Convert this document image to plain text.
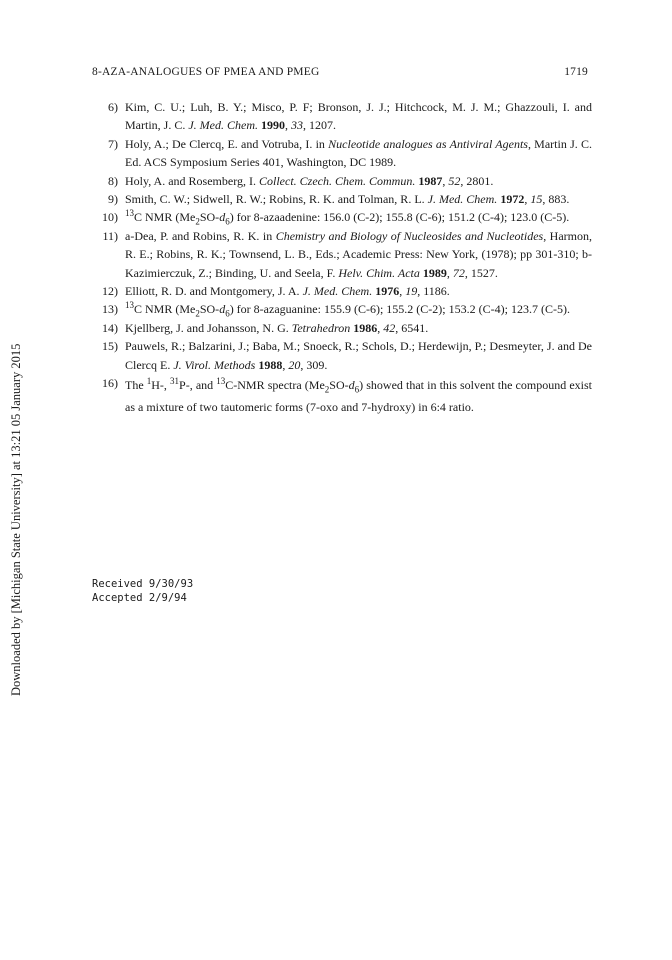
8-AZA-ANALOGUES OF PMEA AND PMEG	1719
Downloaded by [Michigan State University] at 13:21 05 January 2015
6) Kim, C. U.; Luh, B. Y.; Misco, P. F; Bronson, J. J.; Hitchcock, M. J. M.; Ghazzouli, I. and Martin, J. C. J. Med. Chem. 1990, 33, 1207.
7) Holy, A.; De Clercq, E. and Votruba, I. in Nucleotide analogues as Antiviral Agents, Martin J. C. Ed. ACS Symposium Series 401, Washington, DC 1989.
8) Holy, A. and Rosemberg, I. Collect. Czech. Chem. Commun. 1987, 52, 2801.
9) Smith, C. W.; Sidwell, R. W.; Robins, R. K. and Tolman, R. L. J. Med. Chem. 1972, 15, 883.
10) $^{13}$C NMR $(Me_2SO-d_6)$ for 8-azaadenine: 156.0 (C-2); 155.8 (C-6); 151.2 (C-4); 123.0 (C-5).
11) a-Dea, P. and Robins, R. K. in Chemistry and Biology of Nucleosides and Nucleotides, Harmon, R. E.; Robins, R. K.; Townsend, L. B., Eds.; Academic Press: New York, (1978); pp 301-310; b-Kazimierczuk, Z.; Binding, U. and Seela, F. Helv. Chim. Acta 1989, 72, 1527.
12) Elliott, R. D. and Montgomery, J. A. J. Med. Chem. 1976, 19, 1186.
13) $^{13}$C NMR $(Me_2SO-d_6)$ for 8-azaguanine: 155.9 (C-6); 155.2 (C-2); 153.2 (C-4); 123.7 (C-5).
14) Kjellberg, J. and Johansson, N. G. Tetrahedron 1986, 42, 6541.
15) Pauwels, R.; Balzarini, J.; Baba, M.; Snoeck, R.; Schols, D.; Herdewijn, P.; Desmeyter, J. and De Clercq E. J. Virol. Methods 1988, 20, 309.
16) The $^1$H-, $^{31}$P-, and $^{13}$C-NMR spectra $(Me_2SO-d_6)$ showed that in this solvent the compound exist as a mixture of two tautomeric forms (7-oxo and 7-hydroxy) in 6:4 ratio.
Received 9/30/93
Accepted 2/9/94
